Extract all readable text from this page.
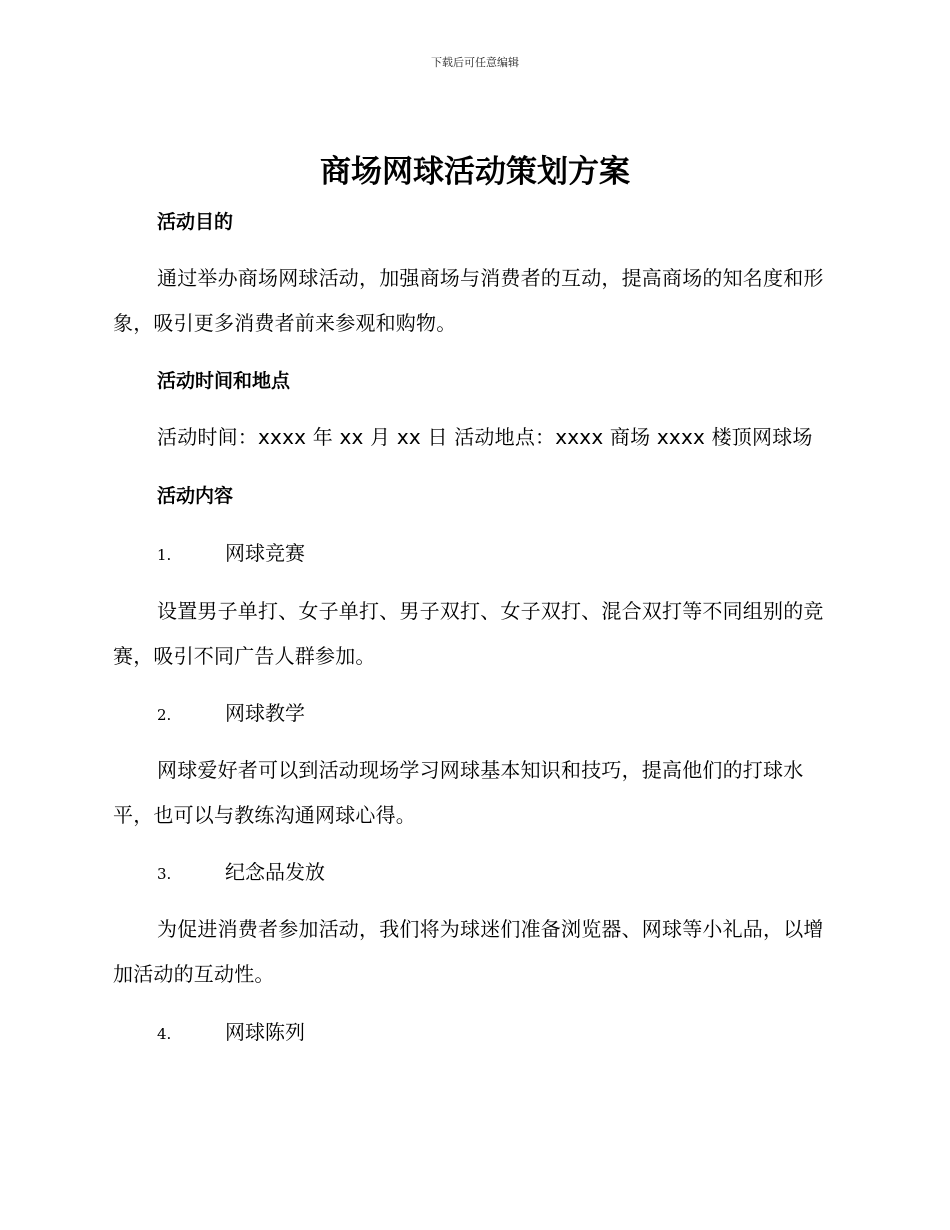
下载后可任意编辑
商场网球活动策划方案
活动目的

通过举办商场网球活动，加强商场与消费者的互动，提高商场的知名度和形象，吸引更多消费者前来参观和购物。

活动时间和地点

活动时间：xxxx 年 xx 月 xx 日 活动地点：xxxx 商场 xxxx 楼顶网球场

活动内容
1.	网球竞赛

设置男子单打、女子单打、男子双打、女子双打、混合双打等不同组别的竞赛，吸引不同广告人群参加。

2.	网球教学

网球爱好者可以到活动现场学习网球基本知识和技巧，提高他们的打球水平，也可以与教练沟通网球心得。

3.	纪念品发放

为促进消费者参加活动，我们将为球迷们准备浏览器、网球等小礼品，以增加活动的互动性。

4.	网球陈列
